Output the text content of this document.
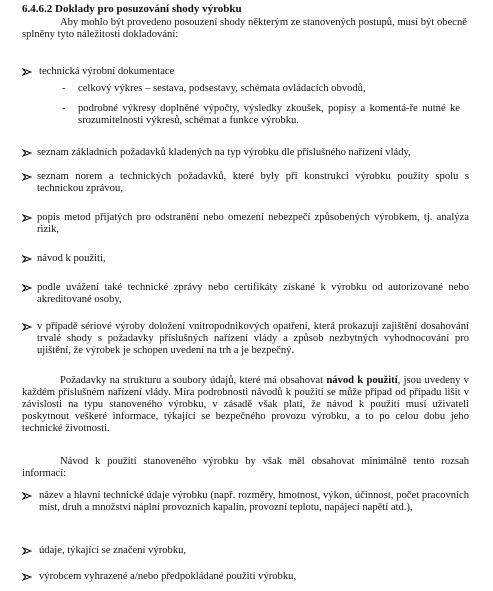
6.4.6.2 Doklady pro posuzování shody výrobku
Aby mohlo být provedeno posouzení shody některým ze stanovených postupů, musí být obecně splněny tyto náležitosti dokladování:
technická výrobní dokumentace
-	celkový výkres – sestava, podsestavy, schémata ovládacích obvodů,
-	podrobné výkresy doplněné výpočty, výsledky zkoušek, popisy a komentá-ře nutné ke srozumitelnosti výkresů, schémat a funkce výrobku.
seznam základních požadavků kladených na typ výrobku dle příslušného nařízení vlády,
seznam norem a technických požadavků, které byly při konstrukci výrobku použity spolu s technickou zprávou,
popis metod přijatých pro odstranění nebo omezení nebezpečí způsobených výrobkem, tj. analýza rizik,
návod k použití,
podle uvážení také technické zprávy nebo certifikáty získané k výrobku od autorizované nebo akreditované osoby,
v případě sériové výroby doložení vnitropodnikových opatření, která prokazují zajištění dosahování trvalé shody s požadavky příslušných nařízení vlády a způsob nezbytných vyhodnocování pro ujištění, že výrobek je schopen uvedení na trh a je bezpečný.
Požadavky na strukturu a soubory údajů, které má obsahovat návod k použití, jsou uvedeny v každém příslušném nařízení vlády. Míra podrobnosti návodů k použití se může případ od případu lišit v závislosti na typu stanoveného výrobku, v zásadě však platí, že návod k použití musí uživateli poskytnout veškeré informace, týkající se bezpečného provozu výrobku, a to po celou dobu jeho technické životnosti.
Návod k použití stanoveného výrobku by však měl obsahovat minimálně tento rozsah informací:
název a hlavní technické údaje výrobku (např. rozměry, hmotnost, výkon, účinnost, počet pracovních míst, druh a množství náplní provozních kapalin, provozní teplotu, napájecí napětí atd.),
údaje, týkající se značení výrobku,
výrobcem vyhrazené a/nebo předpokládané použití výrobku,
